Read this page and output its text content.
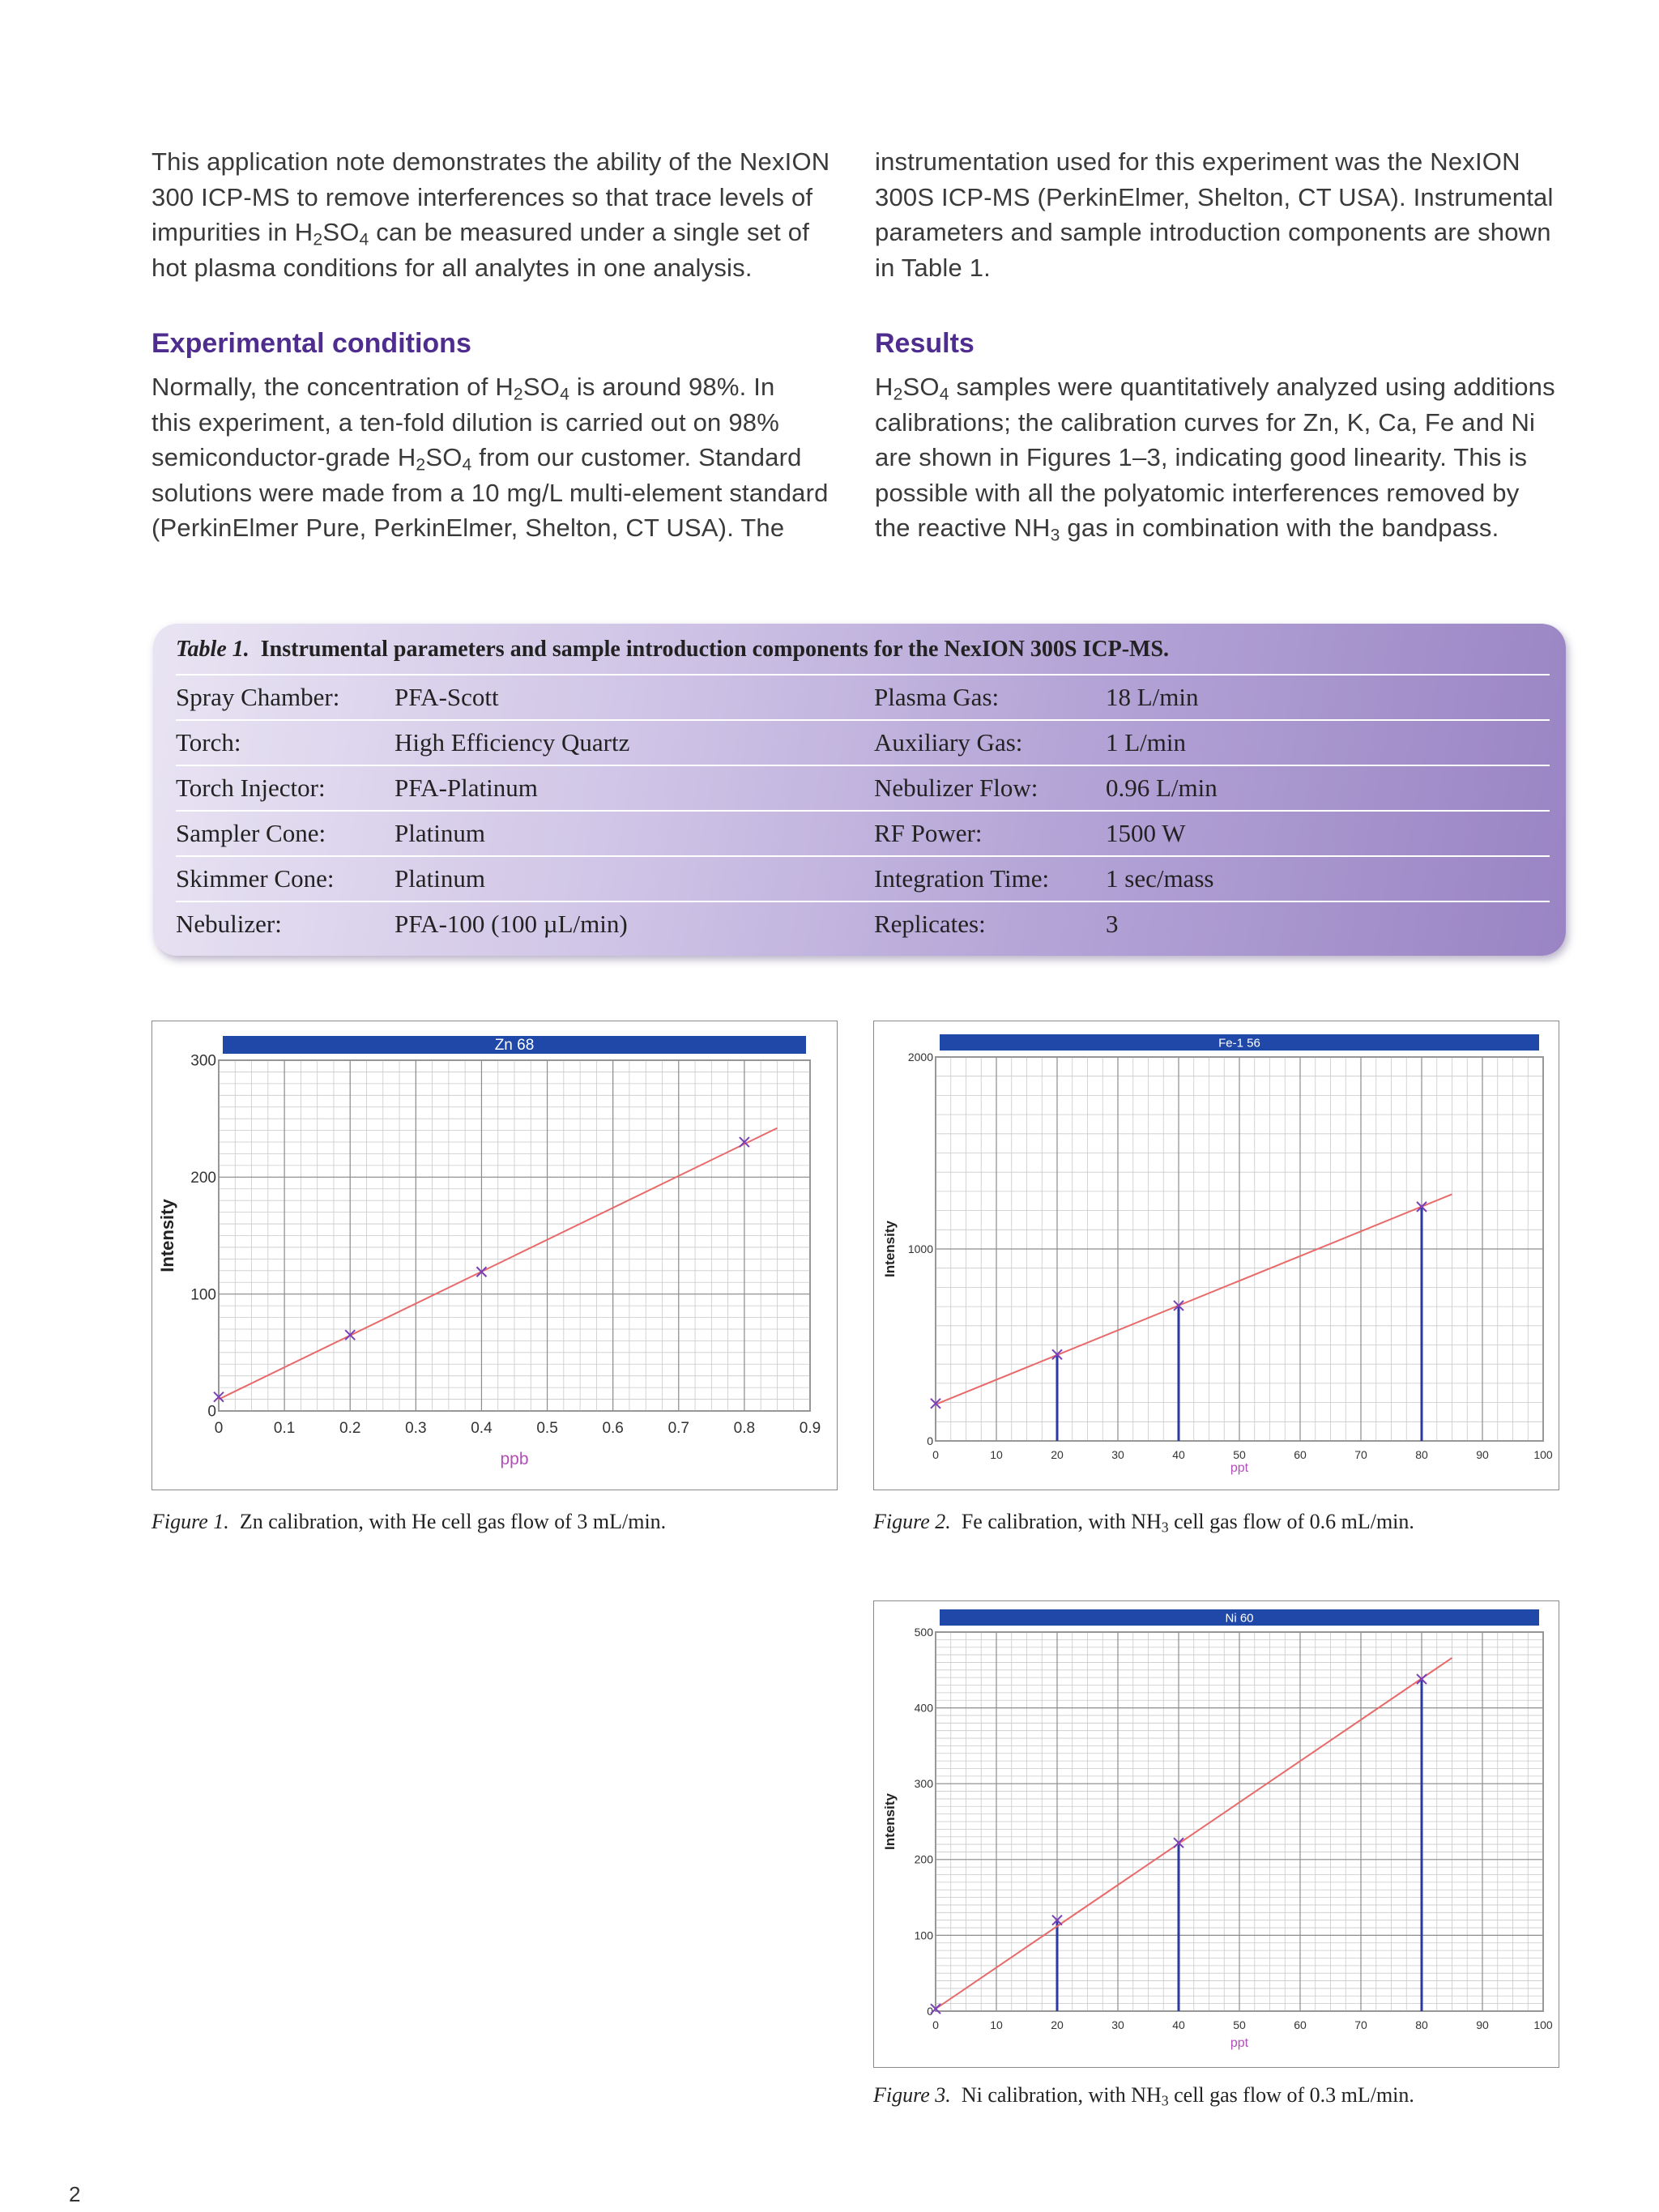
This application note demonstrates the ability of the NexION

300 ICP-MS to remove interferences so that trace levels of

impurities in $H_2SO_4$ can be measured under a single set of

hot plasma conditions for all analytes in one analysis.

instrumentation used for this experiment was the NexION

300S ICP-MS (PerkinElmer, Shelton, CT USA). Instrumental

parameters and sample introduction components are shown

in Table 1.

Experimental conditions

Normally, the concentration of $H_2SO_4$ is around 98%. In

this experiment, a ten-fold dilution is carried out on 98%

semiconductor-grade $H_2SO_4$ from our customer. Standard

solutions were made from a 10 mg/L multi-element standard

(PerkinElmer Pure, PerkinElmer, Shelton, CT USA). The

Results

$H_2SO_4$ samples were quantitatively analyzed using additions

calibrations; the calibration curves for Zn, K, Ca, Fe and Ni

are shown in Figures 1–3, indicating good linearity. This is

possible with all the polyatomic interferences removed by

the reactive $NH_3$ gas in combination with the bandpass.

Table 1. Instrumental parameters and sample introduction components for the NexION 300S ICP-MS.
Spray Chamber: PFA-Scott	Plasma Gas:	18 L/min
Torch:	High Efficiency Quartz	Auxiliary Gas:	1 L/min
Torch Injector:	PFA-Platinum	Nebulizer Flow:	0.96 L/min
Sampler Cone:	Platinum	RF Power:	1500 W
Skimmer Cone: Platinum	Integration Time: 1 sec/mass
Nebulizer:	PFA-100 (100 µL/min)	Replicates:	3
Zn 68
0	0.1	0.2	0.3	0.4	0.5	0.6	0.7	0.8	0.9
0
100
200
300
ppb
Intensity
Figure 1. Zn calibration, with He cell gas flow of 3 mL/min.
Fe-1 56
0	10	20	30	40	50	60	70	80	90	100
0
1000
2000
ppt
Intensity
Figure 2. Fe calibration, with $NH_3$ cell gas flow of 0.6 mL/min.
Ni 60
0	10	20	30	40	50	60	70	80	90	100
0
100
200
300
400
500
ppt
Intensity
Figure 3. Ni calibration, with $NH_3$ cell gas flow of 0.3 mL/min.
2
